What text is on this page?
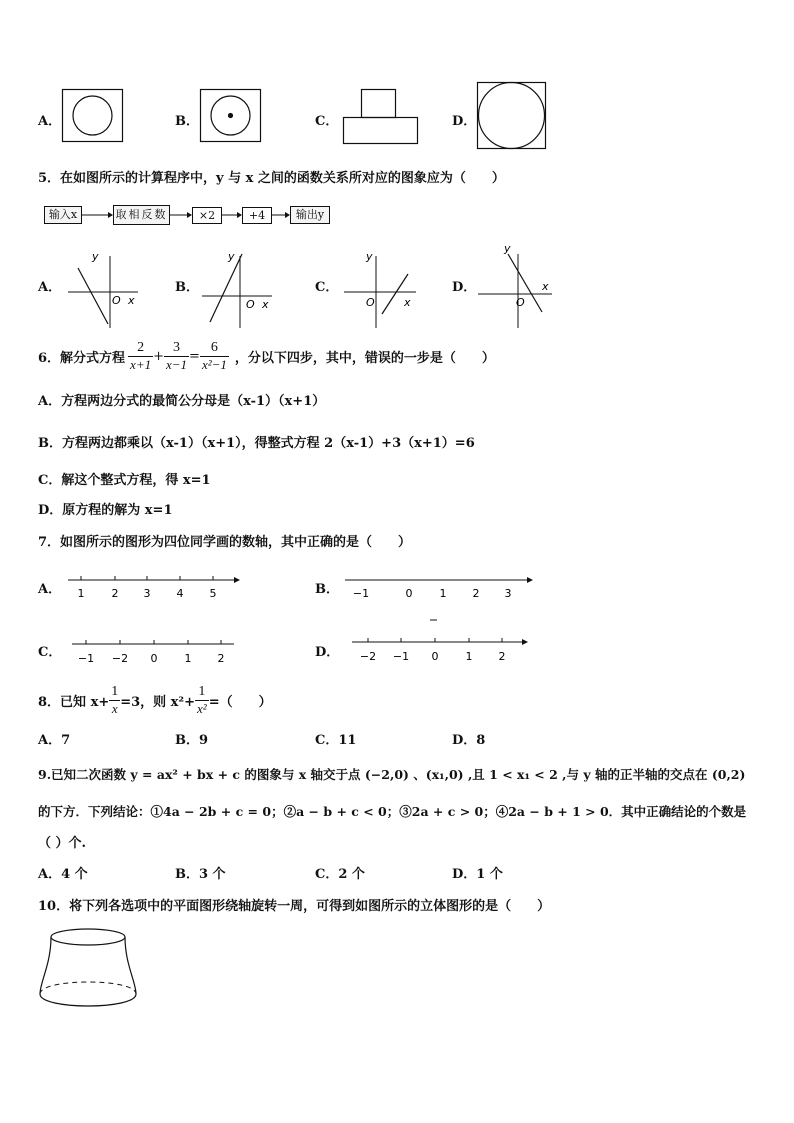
A．	B．	C．	D．
5．在如图所示的计算程序中，y 与 x 之间的函数关系所对应的图象应为（　　）
输入x	取相反数	×2	+4	输出y
A．
y
x
O
B．
y
x
O
C．
y
x
O
D．
y
x
O
6．解分式方程 $\frac{2}{x+1} + \frac{3}{x-1} = \frac{6}{\text{x²−1}}$ ，分以下四步，其中，错误的一步是（　　）
A．方程两边分式的最简公分母是（x-1）（x+1）
B．方程两边都乘以（x-1）（x+1），得整式方程 2（x-1）+3（x+1）=6
C．解这个整式方程，得 x=1
D．原方程的解为 x=1
7．如图所示的图形为四位同学画的数轴，其中正确的是（　　）
A． 1 2 3 4 5	B． −1	0 1 2 3
C． −1 −2 0 1 2	D． −2 −1 0 1 2
8．已知 $x+ \frac{1}{x} =3$，则 $x^2+ \frac{1}{\text{x²}}$ =（　　）
A．7	B．9	C．11	D．8
9.已知二次函数 y = ax² + bx + c 的图象与 x 轴交于点 (−2,0) 、(x₁,0) ,且 1 < x₁ < 2 ,与 y 轴的正半轴的交点在 (0,2)
的下方．下列结论：①4a − 2b + c = 0；②a − b + c < 0；③2a + c > 0；④2a − b + 1 > 0．其中正确结论的个数是
（ ）个.
A．4 个	B．3 个	C．2 个	D．1 个
10．将下列各选项中的平面图形绕轴旋转一周，可得到如图所示的立体图形的是（　　）
